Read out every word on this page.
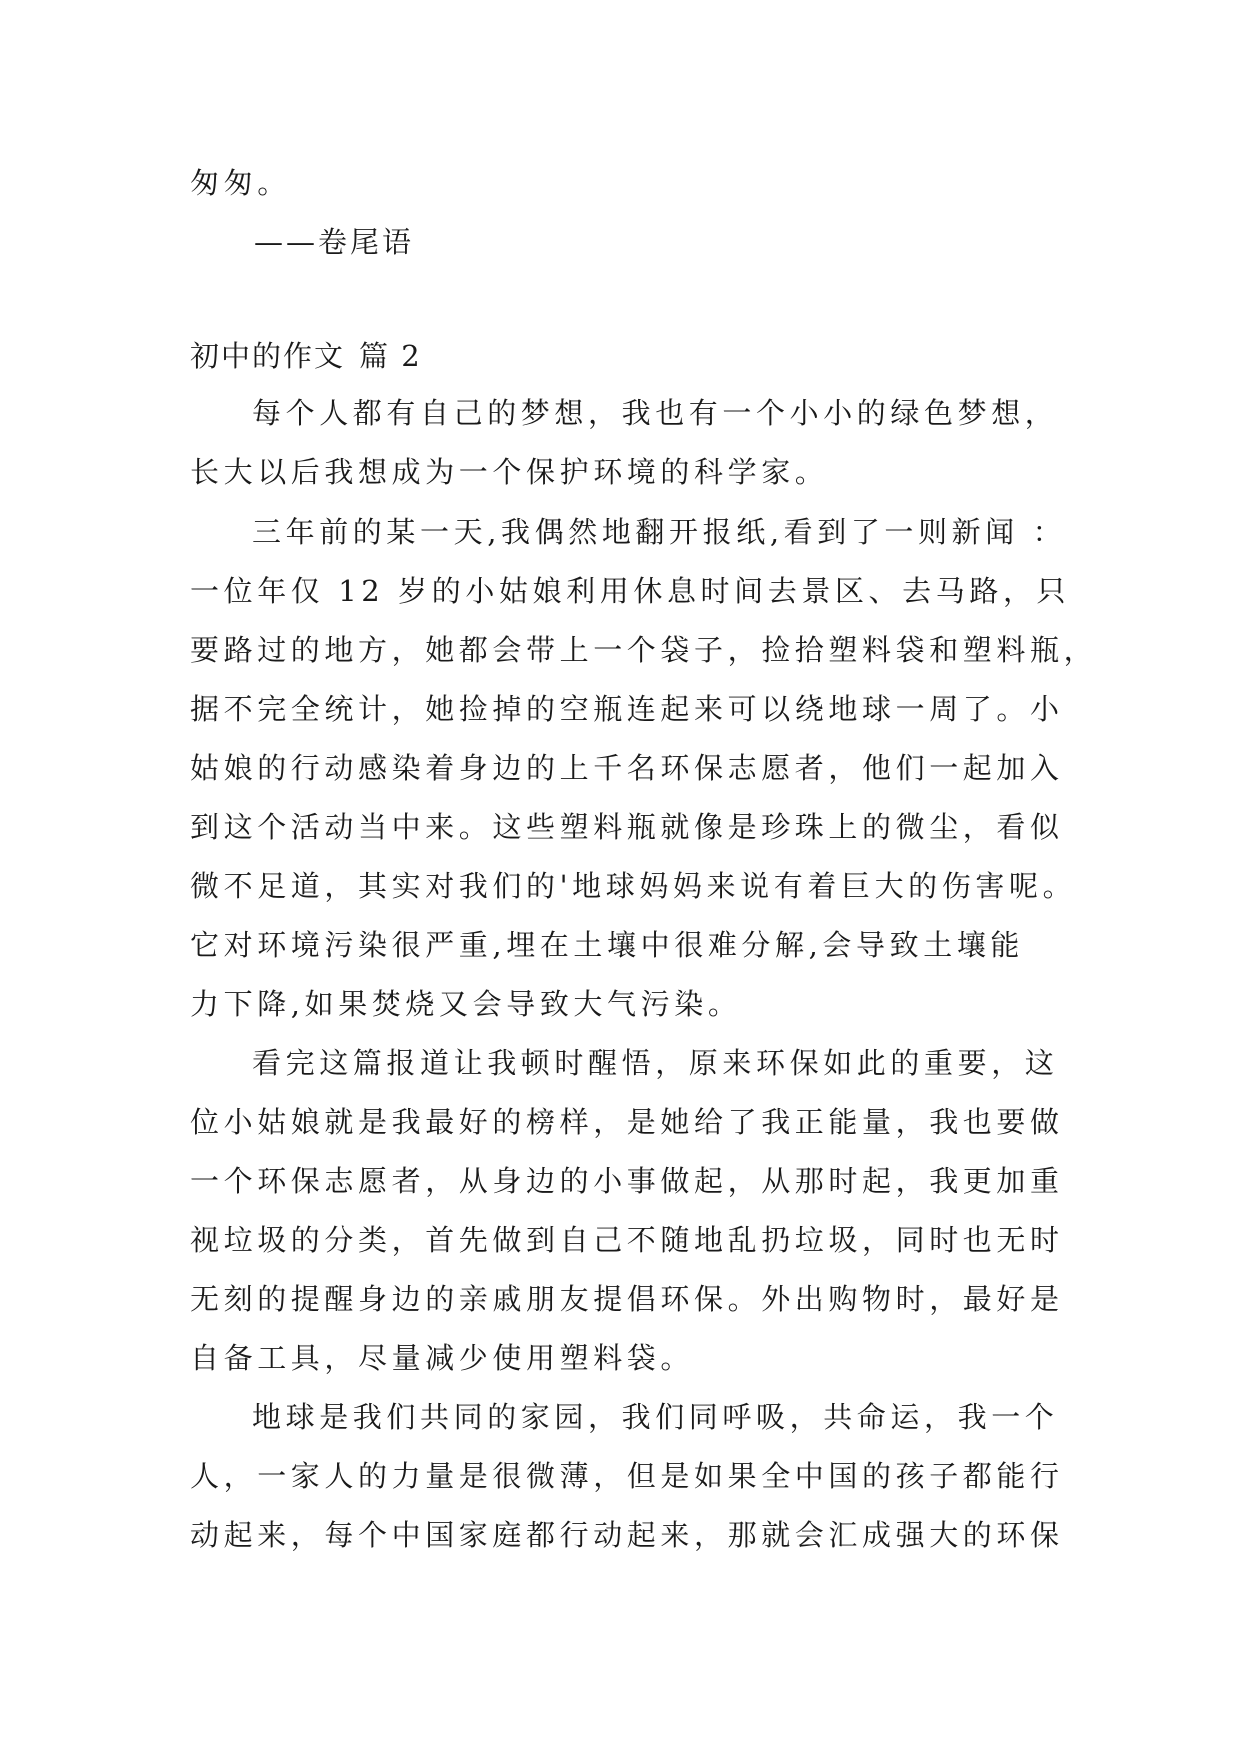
匆匆。
——卷尾语
初中的作文 篇 2
每个人都有自己的梦想，我也有一个小小的绿色梦想，
长大以后我想成为一个保护环境的科学家。
三年前的某一天,我偶然地翻开报纸,看到了一则新闻 ：
一位年仅 12 岁的小姑娘利用休息时间去景区、去马路，只
要路过的地方，她都会带上一个袋子，捡拾塑料袋和塑料瓶，
据不完全统计，她捡掉的空瓶连起来可以绕地球一周了。小
姑娘的行动感染着身边的上千名环保志愿者，他们一起加入
到这个活动当中来。这些塑料瓶就像是珍珠上的微尘，看似
微不足道，其实对我们的'地球妈妈来说有着巨大的伤害呢。
它对环境污染很严重,埋在土壤中很难分解,会导致土壤能
力下降,如果焚烧又会导致大气污染。
看完这篇报道让我顿时醒悟，原来环保如此的重要，这
位小姑娘就是我最好的榜样，是她给了我正能量，我也要做
一个环保志愿者，从身边的小事做起，从那时起，我更加重
视垃圾的分类，首先做到自己不随地乱扔垃圾，同时也无时
无刻的提醒身边的亲戚朋友提倡环保。外出购物时，最好是
自备工具，尽量减少使用塑料袋。
地球是我们共同的家园，我们同呼吸，共命运，我一个
人，一家人的力量是很微薄，但是如果全中国的孩子都能行
动起来，每个中国家庭都行动起来，那就会汇成强大的环保
